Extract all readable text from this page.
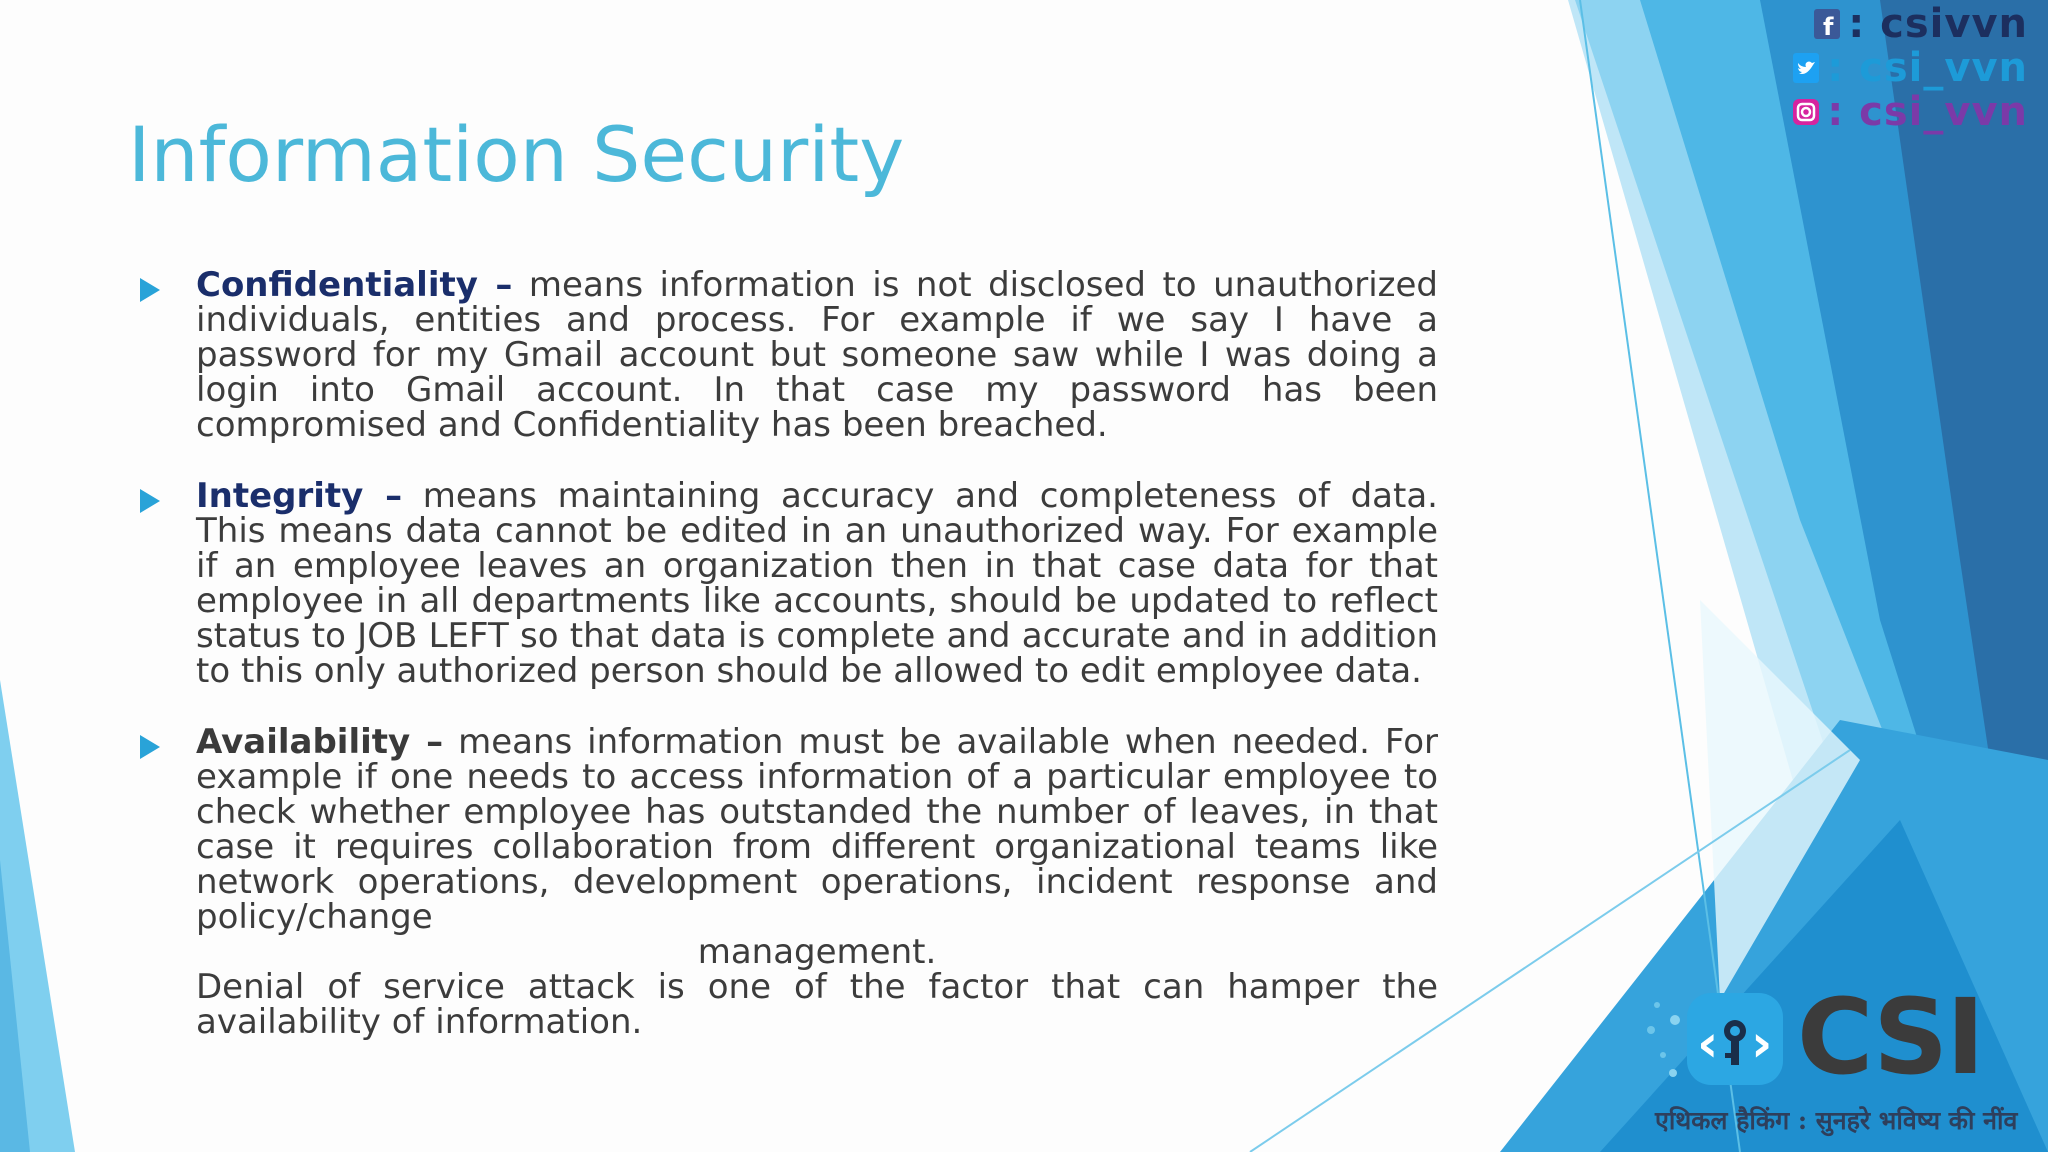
f : csivvn
: csi_vvn
: csi_vvn
Information Security

Confidentiality – means information is not disclosed to unauthorized individuals, entities and process. For example if we say I have a password for my Gmail account but someone saw while I was doing a login into Gmail account. In that case my password has been compromised and Confidentiality has been breached.

Integrity – means maintaining accuracy and completeness of data. This means data cannot be edited in an unauthorized way. For example if an employee leaves an organization then in that case data for that employee in all departments like accounts, should be updated to reflect status to JOB LEFT so that data is complete and accurate and in addition to this only authorized person should be allowed to edit employee data.

Availability – means information must be available when needed. For example if one needs to access information of a particular employee to check whether employee has outstanded the number of leaves, in that case it requires collaboration from different organizational teams like network operations, development operations, incident response and policy/change

management.

Denial of service attack is one of the factor that can hamper the availability of information.	‹ › CSI
एथिकल हैकिंग : सुनहरे भविष्य की नींव
